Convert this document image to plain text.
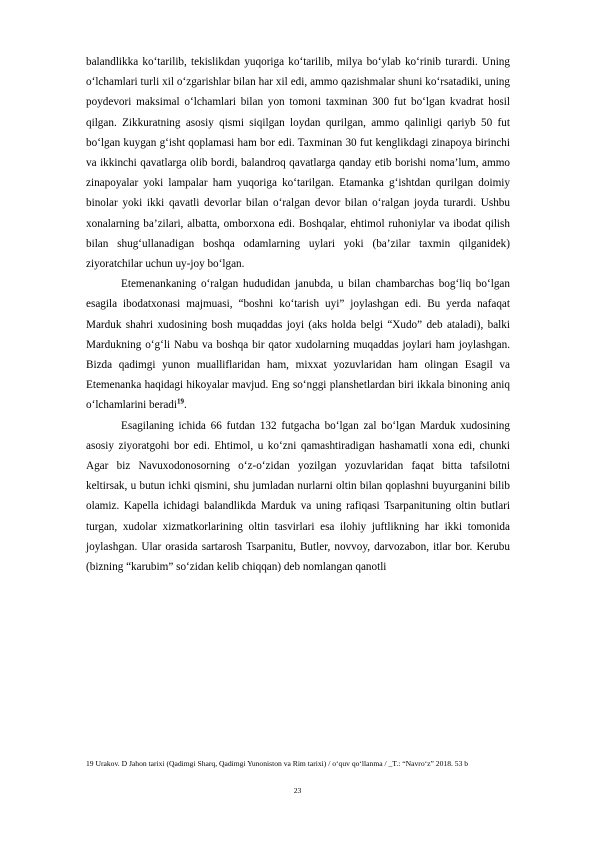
balandlikka ko‘tarilib, tekislikdan yuqoriga ko‘tarilib, milya bo‘ylab ko‘rinib turardi. Uning o‘lchamlari turli xil o‘zgarishlar bilan har xil edi, ammo qazishmalar shuni ko‘rsatadiki, uning poydevori maksimal o‘lchamlari bilan yon tomoni taxminan 300 fut bo‘lgan kvadrat hosil qilgan. Zikkuratning asosiy qismi siqilgan loydan qurilgan, ammo qalinligi qariyb 50 fut bo‘lgan kuygan g‘isht qoplamasi ham bor edi. Taxminan 30 fut kenglikdagi zinapoya birinchi va ikkinchi qavatlarga olib bordi, balandroq qavatlarga qanday etib borishi noma’lum, ammo zinapoyalar yoki lampalar ham yuqoriga ko‘tarilgan. Etamanka g‘ishtdan qurilgan doimiy binolar yoki ikki qavatli devorlar bilan o‘ralgan devor bilan o‘ralgan joyda turardi. Ushbu xonalarning ba’zilari, albatta, omborxona edi. Boshqalar, ehtimol ruhoniylar va ibodat qilish bilan shug‘ullanadigan boshqa odamlarning uylari yoki (ba’zilar taxmin qilganidek) ziyoratchilar uchun uy-joy bo‘lgan.

Etemenankaning o‘ralgan hududidan janubda, u bilan chambarchas bog‘liq bo‘lgan esagila ibodatxonasi majmuasi, “boshni ko‘tarish uyi” joylashgan edi. Bu yerda nafaqat Marduk shahri xudosining bosh muqaddas joyi (aks holda belgi “Xudo” deb ataladi), balki Mardukning o‘g‘li Nabu va boshqa bir qator xudolarning muqaddas joylari ham joylashgan. Bizda qadimgi yunon mualliflaridan ham, mixxat yozuvlaridan ham olingan Esagil va Etemenanka haqidagi hikoyalar mavjud. Eng so‘nggi planshetlardan biri ikkala binoning aniq o‘lchamlarini beradi$^{19}$.

Esagilaning ichida 66 futdan 132 futgacha bo‘lgan zal bo‘lgan Marduk xudosining asosiy ziyoratgohi bor edi. Ehtimol, u ko‘zni qamashtiradigan hashamatli xona edi, chunki Agar biz Navuxodonosorning o‘z-o‘zidan yozilgan yozuvlaridan faqat bitta tafsilotni keltirsak, u butun ichki qismini, shu jumladan nurlarni oltin bilan qoplashni buyurganini bilib olamiz. Kapella ichidagi balandlikda Marduk va uning rafiqasi Tsarpanituning oltin butlari turgan, xudolar xizmatkorlarining oltin tasvirlari esa ilohiy juftlikning har ikki tomonida joylashgan. Ular orasida sartarosh Tsarpanitu, Butler, novvoy, darvozabon, itlar bor. Kerubu (bizning “karubim” so‘zidan kelib chiqqan) deb nomlangan qanotli

19 Urakov. D Jahon tarixi (Qadimgi Sharq, Qadimgi Yunoniston va Rim tarixi) / o‘quv qo‘llanma / _T.: “Navro‘z” 2018. 53 b
23
